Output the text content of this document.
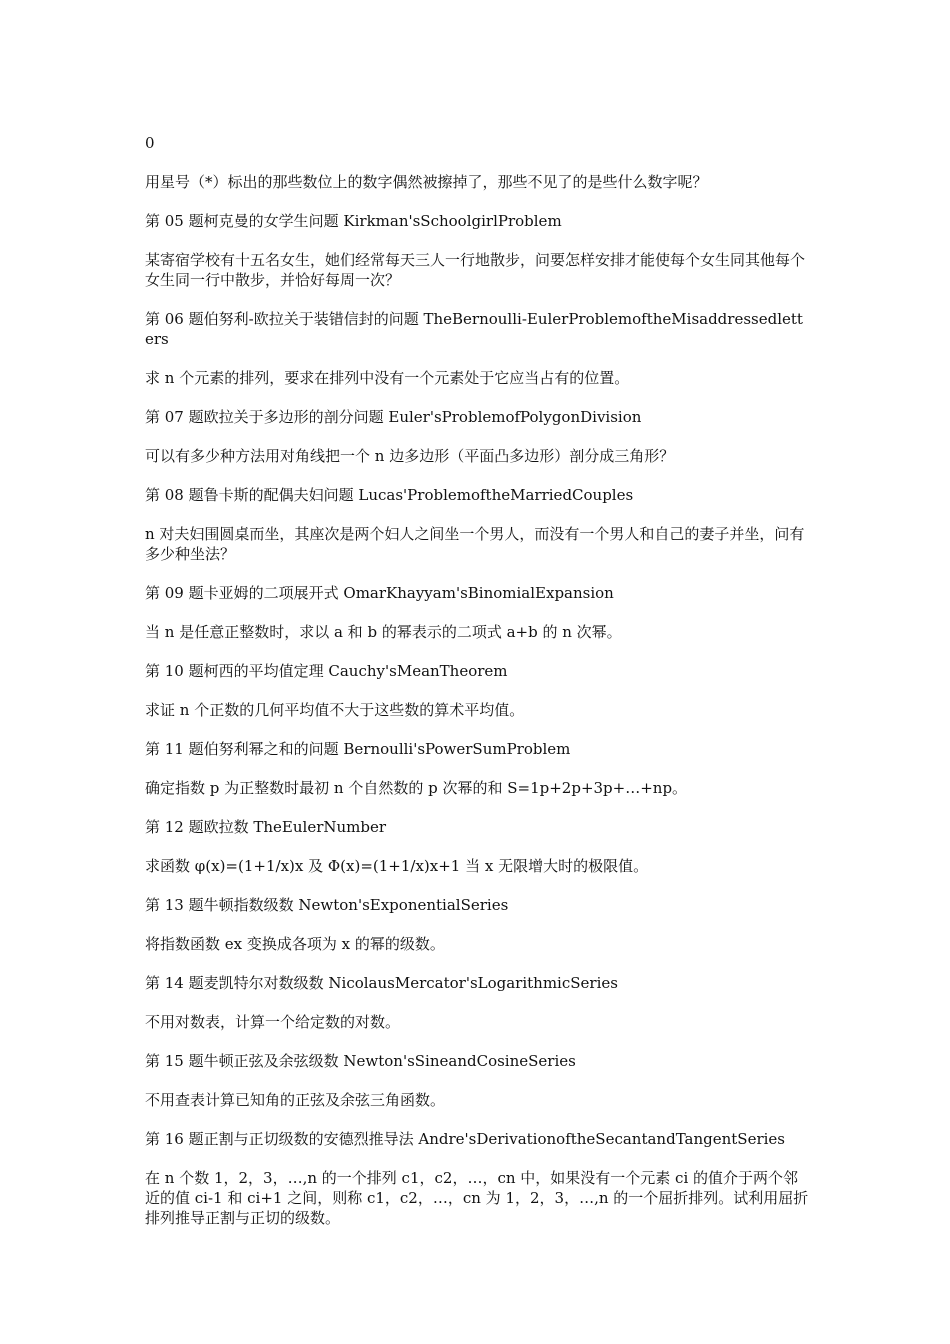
0

用星号（*）标出的那些数位上的数字偶然被擦掉了，那些不见了的是些什么数字呢？

第 05 题柯克曼的女学生问题 Kirkman'sSchoolgirlProblem

某寄宿学校有十五名女生，她们经常每天三人一行地散步，问要怎样安排才能使每个女生同其他每个女生同一行中散步，并恰好每周一次？

第 06 题伯努利-欧拉关于装错信封的问题 TheBernoulli-EulerProblemoftheMisaddressedletters

求 n 个元素的排列，要求在排列中没有一个元素处于它应当占有的位置。

第 07 题欧拉关于多边形的剖分问题 Euler'sProblemofPolygonDivision

可以有多少种方法用对角线把一个 n 边多边形（平面凸多边形）剖分成三角形？

第 08 题鲁卡斯的配偶夫妇问题 Lucas'ProblemoftheMarriedCouples

n 对夫妇围圆桌而坐，其座次是两个妇人之间坐一个男人，而没有一个男人和自己的妻子并坐，问有多少种坐法？

第 09 题卡亚姆的二项展开式 OmarKhayyam'sBinomialExpansion

当 n 是任意正整数时，求以 a 和 b 的幂表示的二项式 a+b 的 n 次幂。

第 10 题柯西的平均值定理 Cauchy'sMeanTheorem

求证 n 个正数的几何平均值不大于这些数的算术平均值。

第 11 题伯努利幂之和的问题 Bernoulli'sPowerSumProblem

确定指数 p 为正整数时最初 n 个自然数的 p 次幂的和 S=1p+2p+3p+…+np。

第 12 题欧拉数 TheEulerNumber

求函数 φ(x)=(1+1/x)x 及 Φ(x)=(1+1/x)x+1 当 x 无限增大时的极限值。

第 13 题牛顿指数级数 Newton'sExponentialSeries

将指数函数 ex 变换成各项为 x 的幂的级数。

第 14 题麦凯特尔对数级数 NicolausMercator'sLogarithmicSeries

不用对数表，计算一个给定数的对数。

第 15 题牛顿正弦及余弦级数 Newton'sSineandCosineSeries

不用查表计算已知角的正弦及余弦三角函数。

第 16 题正割与正切级数的安德烈推导法 Andre'sDerivationoftheSecantandTangentSeries

在 n 个数 1，2，3，…,n 的一个排列 c1，c2，…，cn 中，如果没有一个元素 ci 的值介于两个邻近的值 ci-1 和 ci+1 之间，则称 c1，c2，…，cn 为 1，2，3，…,n 的一个屈折排列。试利用屈折排列推导正割与正切的级数。
